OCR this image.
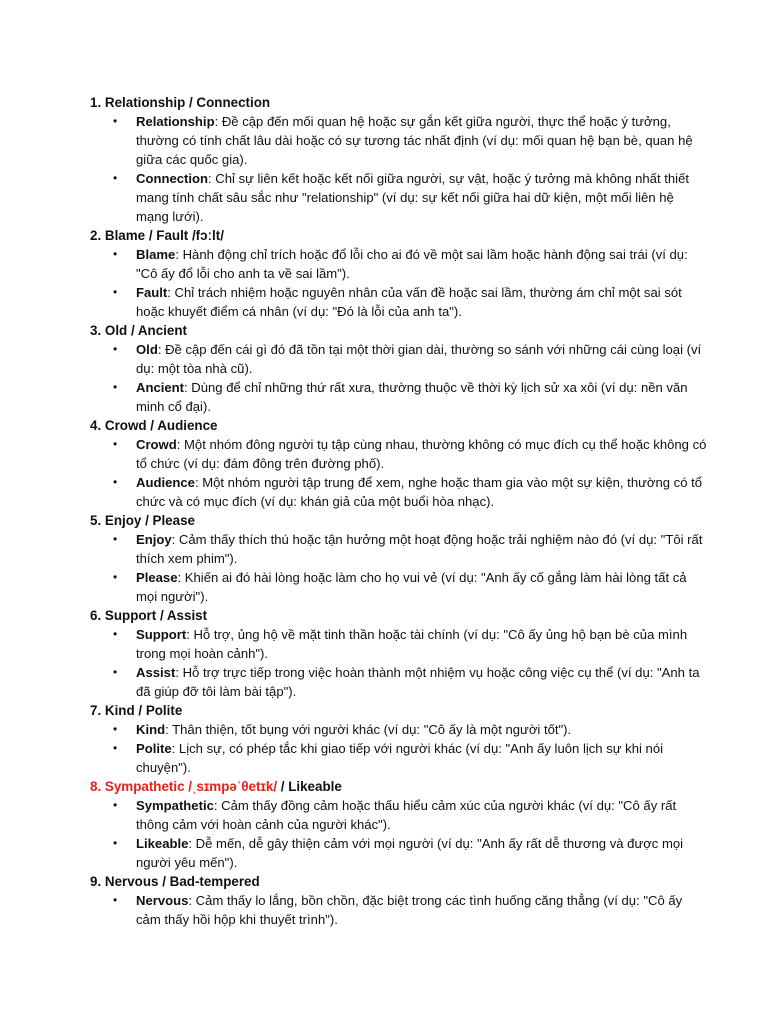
1. Relationship / Connection
• Relationship: Đề cập đến mối quan hệ hoặc sự gắn kết giữa người, thực thể hoặc ý tưởng, thường có tính chất lâu dài hoặc có sự tương tác nhất định (ví dụ: mối quan hệ bạn bè, quan hệ giữa các quốc gia).
• Connection: Chỉ sự liên kết hoặc kết nối giữa người, sự vật, hoặc ý tưởng mà không nhất thiết mang tính chất sâu sắc như "relationship" (ví dụ: sự kết nối giữa hai dữ kiện, một mối liên hệ mạng lưới).
2. Blame / Fault /fɔːlt/
• Blame: Hành động chỉ trích hoặc đổ lỗi cho ai đó về một sai lầm hoặc hành động sai trái (ví dụ: "Cô ấy đổ lỗi cho anh ta về sai lầm").
• Fault: Chỉ trách nhiệm hoặc nguyên nhân của vấn đề hoặc sai lầm, thường ám chỉ một sai sót hoặc khuyết điểm cá nhân (ví dụ: "Đó là lỗi của anh ta").
3. Old / Ancient
• Old: Đề cập đến cái gì đó đã tồn tại một thời gian dài, thường so sánh với những cái cùng loại (ví dụ: một tòa nhà cũ).
• Ancient: Dùng để chỉ những thứ rất xưa, thường thuộc về thời kỳ lịch sử xa xôi (ví dụ: nền văn minh cổ đại).
4. Crowd / Audience
• Crowd: Một nhóm đông người tụ tập cùng nhau, thường không có mục đích cụ thể hoặc không có tổ chức (ví dụ: đám đông trên đường phố).
• Audience: Một nhóm người tập trung để xem, nghe hoặc tham gia vào một sự kiện, thường có tổ chức và có mục đích (ví dụ: khán giả của một buổi hòa nhạc).
5. Enjoy / Please
• Enjoy: Cảm thấy thích thú hoặc tận hưởng một hoạt động hoặc trải nghiệm nào đó (ví dụ: "Tôi rất thích xem phim").
• Please: Khiến ai đó hài lòng hoặc làm cho họ vui vẻ (ví dụ: "Anh ấy cố gắng làm hài lòng tất cả mọi người").
6. Support / Assist
• Support: Hỗ trợ, ủng hộ về mặt tinh thần hoặc tài chính (ví dụ: "Cô ấy ủng hộ bạn bè của mình trong mọi hoàn cảnh").
• Assist: Hỗ trợ trực tiếp trong việc hoàn thành một nhiệm vụ hoặc công việc cụ thể (ví dụ: "Anh ta đã giúp đỡ tôi làm bài tập").
7. Kind / Polite
• Kind: Thân thiện, tốt bụng với người khác (ví dụ: "Cô ấy là một người tốt").
• Polite: Lịch sự, có phép tắc khi giao tiếp với người khác (ví dụ: "Anh ấy luôn lịch sự khi nói chuyện").
8. Sympathetic /ˌsɪmpəˈθetɪk/ / Likeable
• Sympathetic: Cảm thấy đồng cảm hoặc thấu hiểu cảm xúc của người khác (ví dụ: "Cô ấy rất thông cảm với hoàn cảnh của người khác").
• Likeable: Dễ mến, dễ gây thiện cảm với mọi người (ví dụ: "Anh ấy rất dễ thương và được mọi người yêu mến").
9. Nervous / Bad-tempered
• Nervous: Cảm thấy lo lắng, bồn chồn, đặc biệt trong các tình huống căng thẳng (ví dụ: "Cô ấy cảm thấy hồi hộp khi thuyết trình").
